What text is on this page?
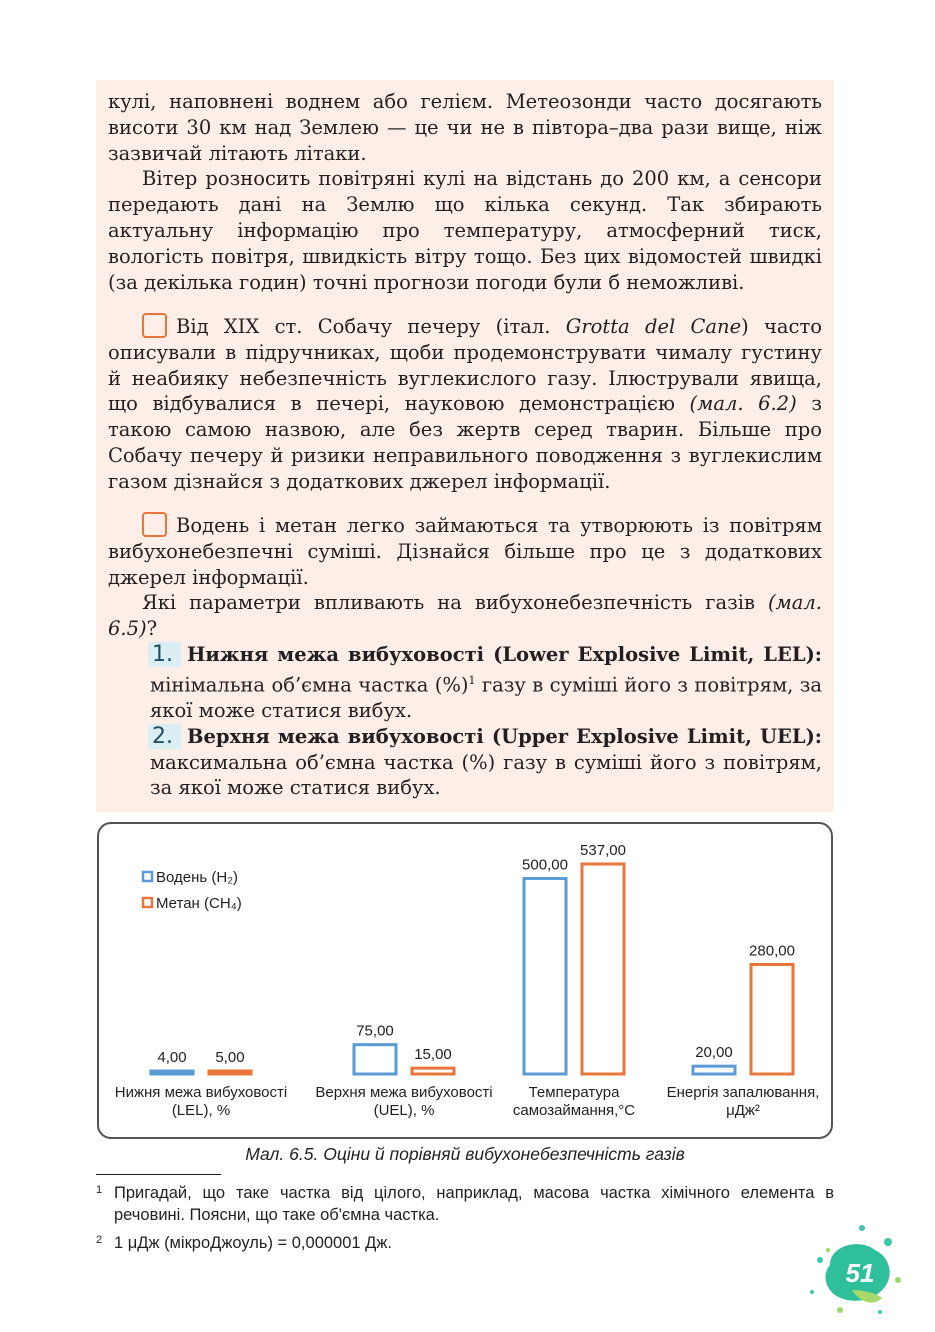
кулі, наповнені воднем або гелієм. Метеозонди часто досягають висоти 30 км над Землею — це чи не в півтора–два рази вище, ніж зазвичай літають літаки.

Вітер розносить повітряні кулі на відстань до 200 км, а сенсори передають дані на Землю що кілька секунд. Так збирають актуальну інформацію про температуру, атмосферний тиск, вологість повітря, швидкість вітру тощо. Без цих відомостей швидкі (за декілька годин) точні прогнози погоди були б неможливі.

Від XIX ст. Собачу печеру (італ. Grotta del Cane) часто описували в підручниках, щоби продемонструвати чималу густину й неабияку небезпечність вуглекислого газу. Ілюстрували явища, що відбувалися в печері, науковою демонстрацією (мал. 6.2) з такою самою назвою, але без жертв серед тварин. Більше про Собачу печеру й ризики неправильного поводження з вуглекислим газом дізнайся з додаткових джерел інформації.

Водень і метан легко займаються та утворюють із повітрям вибухонебезпечні суміші. Дізнайся більше про це з додаткових джерел інформації.

Які параметри впливають на вибухонебезпечність газів (мал. 6.5)?

1. Нижня межа вибуховості (Lower Explosive Limit, LEL): мінімальна об’ємна частка (%)$^1$ газу в суміші його з повітрям, за якої може статися вибух.

2. Верхня межа вибуховості (Upper Explosive Limit, UEL): максимальна об’ємна частка (%) газу в суміші його з повітрям, за якої може статися вибух.

4,00
75,00
500,00
20,00
5,00	15,00
537,00
280,00
Нижня межа вибуховості
(LEL), %
Верхня межа вибуховості
(UEL), %
Температура
самозаймання,°С
Енергія запалювання,
μДж²
Водень (H₂)
Метан (CH₄)
Мал. 6.5. Оціни й порівняй вибухонебезпечність газів
1 Пригадай, що таке частка від цілого, наприклад, масова частка хімічного елемента в речовині. Поясни, що таке об'ємна частка.
2 1 μДж (мікроДжоуль) = 0,000001 Дж.
51
